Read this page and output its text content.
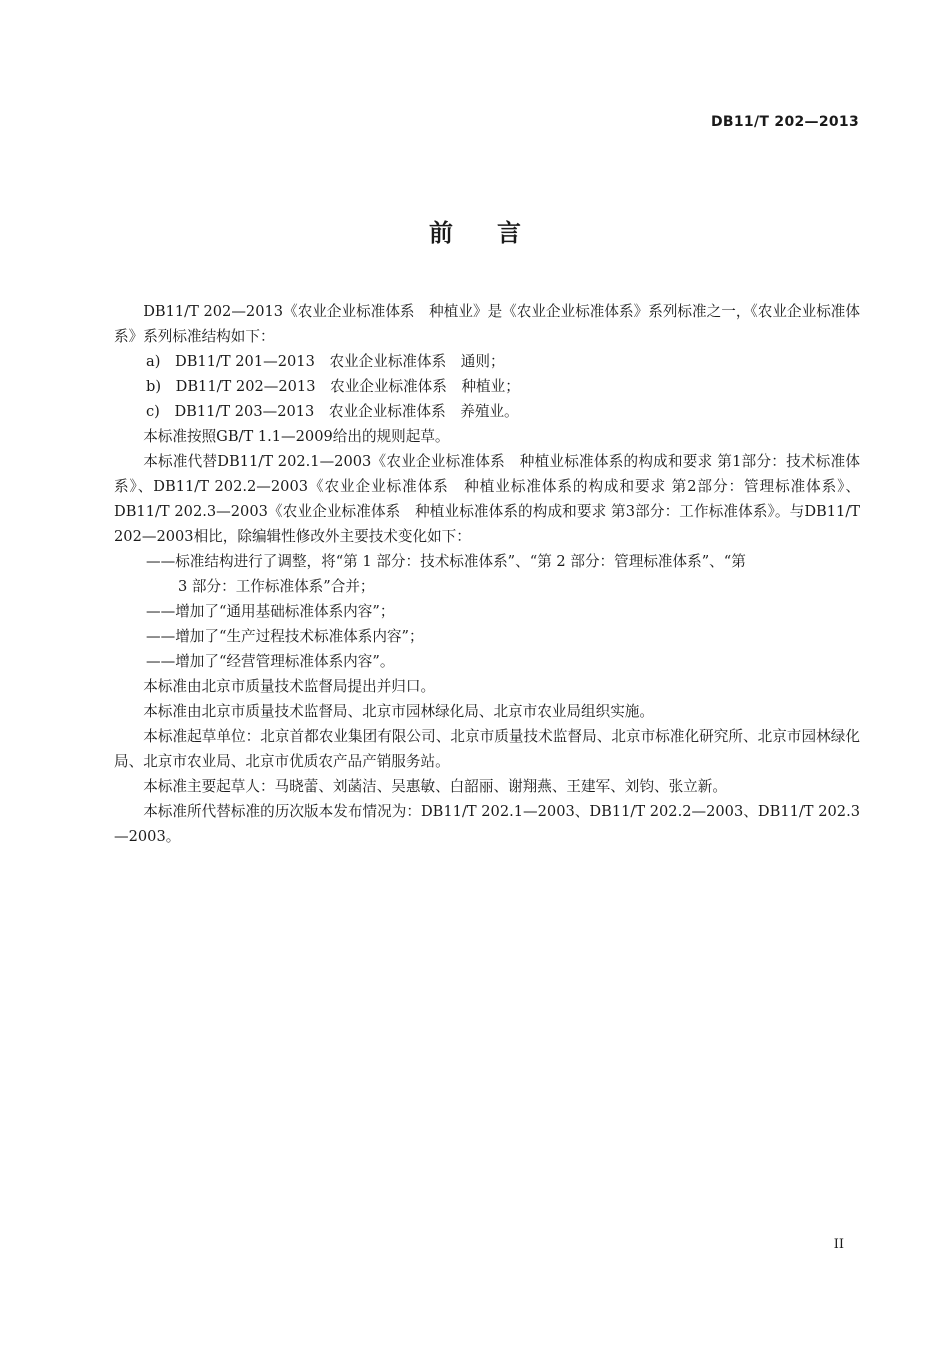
DB11/T 202—2013
前言

DB11/T 202—2013《农业企业标准体系　种植业》是《农业企业标准体系》系列标准之一，《农业企业标准体系》系列标准结构如下：

a)　DB11/T 201—2013　农业企业标准体系　通则；

b)　DB11/T 202—2013　农业企业标准体系　种植业；

c)　DB11/T 203—2013　农业企业标准体系　养殖业。

本标准按照GB/T 1.1—2009给出的规则起草。

本标准代替DB11/T 202.1—2003《农业企业标准体系　种植业标准体系的构成和要求 第1部分：技术标准体系》、DB11/T 202.2—2003《农业企业标准体系　种植业标准体系的构成和要求 第2部分：管理标准体系》、DB11/T 202.3—2003《农业企业标准体系　种植业标准体系的构成和要求 第3部分：工作标准体系》。与DB11/T 202—2003相比，除编辑性修改外主要技术变化如下：

——标准结构进行了调整，将“第 1 部分：技术标准体系”、“第 2 部分：管理标准体系”、“第

3 部分：工作标准体系”合并；

——增加了“通用基础标准体系内容”；

——增加了“生产过程技术标准体系内容”；

——增加了“经营管理标准体系内容”。

本标准由北京市质量技术监督局提出并归口。

本标准由北京市质量技术监督局、北京市园林绿化局、北京市农业局组织实施。

本标准起草单位：北京首都农业集团有限公司、北京市质量技术监督局、北京市标准化研究所、北京市园林绿化局、北京市农业局、北京市优质农产品产销服务站。

本标准主要起草人：马晓蕾、刘菡洁、吴惠敏、白韶丽、谢翔燕、王建军、刘钧、张立新。

本标准所代替标准的历次版本发布情况为：DB11/T 202.1—2003、DB11/T 202.2—2003、DB11/T 202.3—2003。

II
